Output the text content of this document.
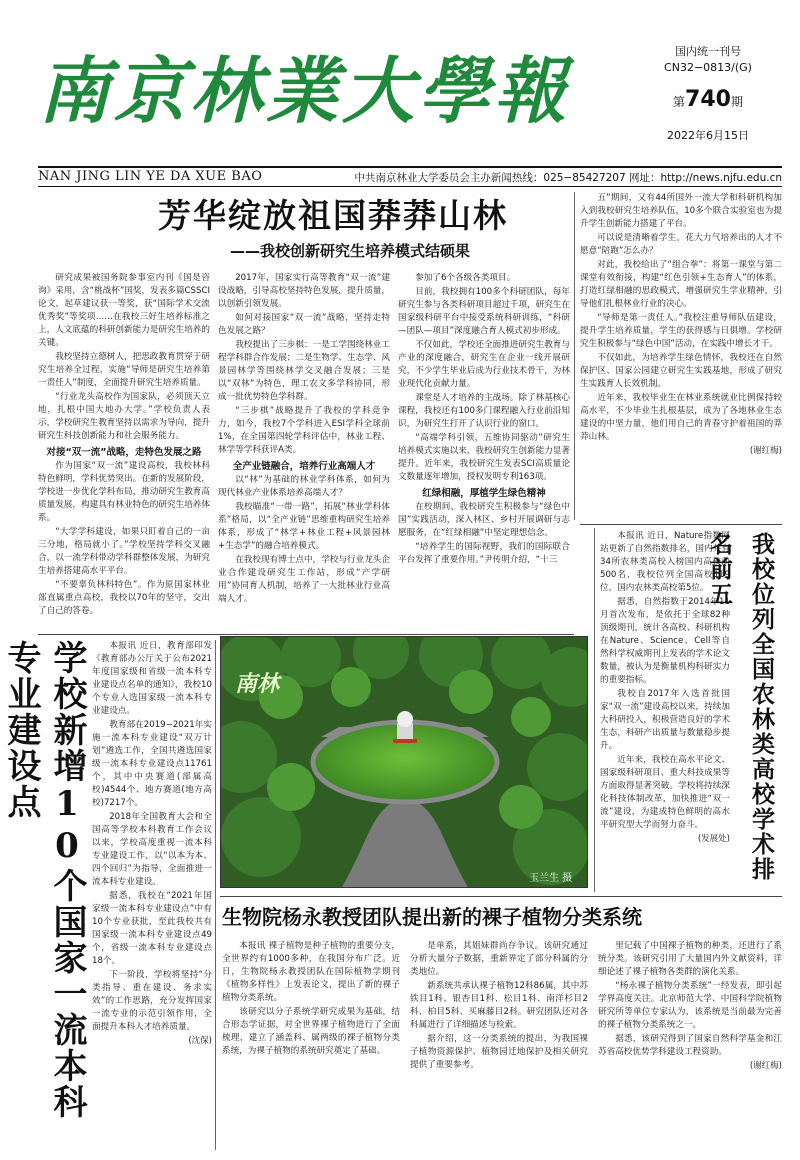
南京林業大學報	国内统一刊号
CN32−0813/(G)
第740期
2022年6月15日
NAN JING LIN YE DA XUE BAO	中共南京林业大学委员会主办新闻热线：025−85427207 网址：http://news.njfu.edu.cn
芳华绽放祖国莽莽山林
——我校创新研究生培养模式结硕果

研究成果被国务院参事室内刊《国是咨询》采用，含“桃战杯”国奖，发表多篇CSSCI论文，起草建议获一等奖，获“国际学术交流优秀奖”等奖项……在我校三好生培养标准之上，人文底蕴的科研创新能力是研究生培养的关键。

我校坚持立德树人，把思政教育贯穿于研究生培养全过程，实施“导师是研究生培养第一责任人”制度，全面提升研究生培养质量。

“行业龙头高校作为国家队，必须顶天立地，扎根中国大地办大学。”学校负责人表示，学校研究生教育坚持以需求为导向，提升研究生科技创新能力和社会服务能力。

对接“双一流”战略，走特色发展之路

作为国家“双一流”建设高校，我校林科特色鲜明，学科优势突出。在新的发展阶段，学校进一步优化学科布局，推动研究生教育高质量发展，构建具有林业特色的研究生培养体系。

“大学学科建设，如果只盯着自己的一亩三分地，格局就小了。”学校坚持学科交叉融合，以一流学科带动学科群整体发展，为研究生培养搭建高水平平台。

“不要辜负林科特色”。作为原国家林业部直属重点高校，我校以70年的坚守，交出了自己的答卷。

2017年，国家实行高等教育“双一流”建设战略，引导高校坚持特色发展，提升质量，以创新引领发展。

如何对接国家“双一流”战略，坚持走特色发展之路？

我校提出了三步棋：一是工学围绕林业工程学科群合作发展；二是生物学、生态学、风景园林学等围绕林学交叉融合发展；三是以“双林”为特色，理工农文多学科协同，形成一批优势特色学科群。

“三步棋”战略提升了我校的学科竞争力，如今，我校7个学科进入ESI学科全球前1%，在全国第四轮学科评估中，林业工程、林学等学科获评A类。

全产业链融合，培养行业高端人才

以“林”为基础的林业学科体系，如何为现代林业产业体系培养高端人才？

我校瞄准“一带一路”，拓展“林业学科体系”格局，以“全产业链”思维重构研究生培养体系，形成了“林学+林业工程+风景园林+生态学”的融合培养模式。

在我校现有博士点中，学校与行业龙头企业合作建设研究生工作站，形成“产学研用”协同育人机制，培养了一大批林业行业高端人才。

参加了6个各级各类项目。

目前，我校拥有100多个科研团队，每年研究生参与各类科研项目超过千项，研究生在国家级科研平台中接受系统科研训练，“科研—团队—项目”深度融合育人模式初步形成。

不仅如此，学校还全面推进研究生教育与产业的深度融合，研究生在企业一线开展研究，不少学生毕业后成为行业技术骨干，为林业现代化贡献力量。

课堂是人才培养的主战场。除了林基核心课程，我校还有100多门课程融入行业前沿知识，为研究生打开了认识行业的窗口。

“高端学科引领，五维协同驱动”研究生培养模式实施以来，我校研究生创新能力显著提升。近年来，我校研究生发表SCI高质量论文数量逐年增加，授权发明专利163项。

红绿相融，厚植学生绿色精神

在校期间，我校研究生积极参与“绿色中国”实践活动，深入林区、乡村开展调研与志愿服务，在“红绿相融”中坚定理想信念。

“培养学生的国际视野，我们的国际联合平台发挥了重要作用。”尹传明介绍，“十三

五”期间，又有44所国外一流大学和科研机构加入到我校研究生培养队伍，10多个联合实验室也为提升学生创新能力搭建了平台。

可以说是清晰着学生。花大力气培养出的人才不愿意“陪跑”怎么办？

对此，我校给出了“组合拳”：将第一课堂与第二课堂有效衔接，构建“红色引领+生态育人”的体系，打造红绿相融的思政模式，增强研究生学业精神，引导他们扎根林业行业的决心。

“导师是第一责任人。”我校注重导师队伍建设，提升学生培养质量，学生的获得感与日俱增。学校研究生积极参与“绿色中国”活动，在实践中增长才干。

不仅如此，为培养学生绿色情怀，我校还在自然保护区、国家公园建立研究生实践基地，形成了研究生实践育人长效机制。

近年来，我校毕业生在林业系统就业比例保持较高水平，不少毕业生扎根基层，成为了各地林业生态建设的中坚力量，他们用自己的青春守护着祖国的莽莽山林。

(谢红梅)
学校新增10个国家一流本科专业建设点	本报讯 近日，教育部印发《教育部办公厅关于公布2021年度国家级和省级一流本科专业建设点名单的通知》，我校10个专业入选国家级一流本科专业建设点。

教育部在2019−2021年实施一流本科专业建设“双万计划”遴选工作，全国共遴选国家级一流本科专业建设点11761个，其中中央赛道(部属高校)4544个、地方赛道(地方高校)7217个。

2018年全国教育大会和全国高等学校本科教育工作会议以来，学校高度重视一流本科专业建设工作，以“以本为本、四个回归”为指导，全面推进一流本科专业建设。

据悉，我校在“2021年国家级一流本科专业建设点”中有10个专业获批，至此我校共有国家级一流本科专业建设点49个，省级一流本科专业建设点18个。

下一阶段，学校将坚持“分类指导、重在建设、务求实效”的工作思路，充分发挥国家一流专业的示范引领作用，全面提升本科人才培养质量。

(沈保)
南林
玉兰生 摄

本报讯 近日，Nature指数网站更新了自然指数排名，国内共有34所农林类高校入榜国内高校前500名，我校位列全国高校119位，国内农林类高校第5位。

据悉，自然指数于2014年11月首次发布，是依托于全球82种顶级期刊，统计各高校、科研机构在Nature、Science、Cell等自然科学权威期刊上发表的学术论文数量，被认为是衡量机构科研实力的重要指标。

我校自2017年入选首批国家“双一流”建设高校以来，持续加大科研投入，积极营造良好的学术生态，科研产出质量与数量稳步提升。

近年来，我校在高水平论文、国家级科研项目、重大科技成果等方面取得显著突破。学校将持续深化科技体制改革，加快推进“双一流”建设，为建成特色鲜明的高水平研究型大学而努力奋斗。

(发展处) 我校位列全国农林类高校学术排名前五
生物院杨永教授团队提出新的裸子植物分类系统

本报讯 裸子植物是种子植物的重要分支，全世界约有1000多种，在我国分布广泛。近日，生物院杨永教授团队在国际植物学期刊《植物多样性》上发表论文，提出了新的裸子植物分类系统。

该研究以分子系统学研究成果为基础，结合形态学证据，对全世界裸子植物进行了全面梳理，建立了涵盖科、属两级的裸子植物分类系统，为裸子植物的系统研究奠定了基础。

是单系，其姐妹群尚存争议。该研究通过分析大量分子数据，重新界定了部分科属的分类地位。

新系统共承认裸子植物12科86属，其中苏铁目1科、银杏目1科、松目1科、南洋杉目2科、柏目5科、买麻藤目2科。研究团队还对各科属进行了详细描述与检索。

据介绍，这一分类系统的提出，为我国裸子植物资源保护、植物园迁地保护及相关研究提供了重要参考。

里记载了中国裸子植物的种类，还进行了系统分类。该研究引用了大量国内外文献资料，详细论述了裸子植物各类群的演化关系。

“杨永裸子植物分类系统”一经发表，即引起学界高度关注。北京师范大学、中国科学院植物研究所等单位专家认为，该系统是当前最为完善的裸子植物分类系统之一。

据悉，该研究得到了国家自然科学基金和江苏省高校优势学科建设工程资助。

(谢红梅)
